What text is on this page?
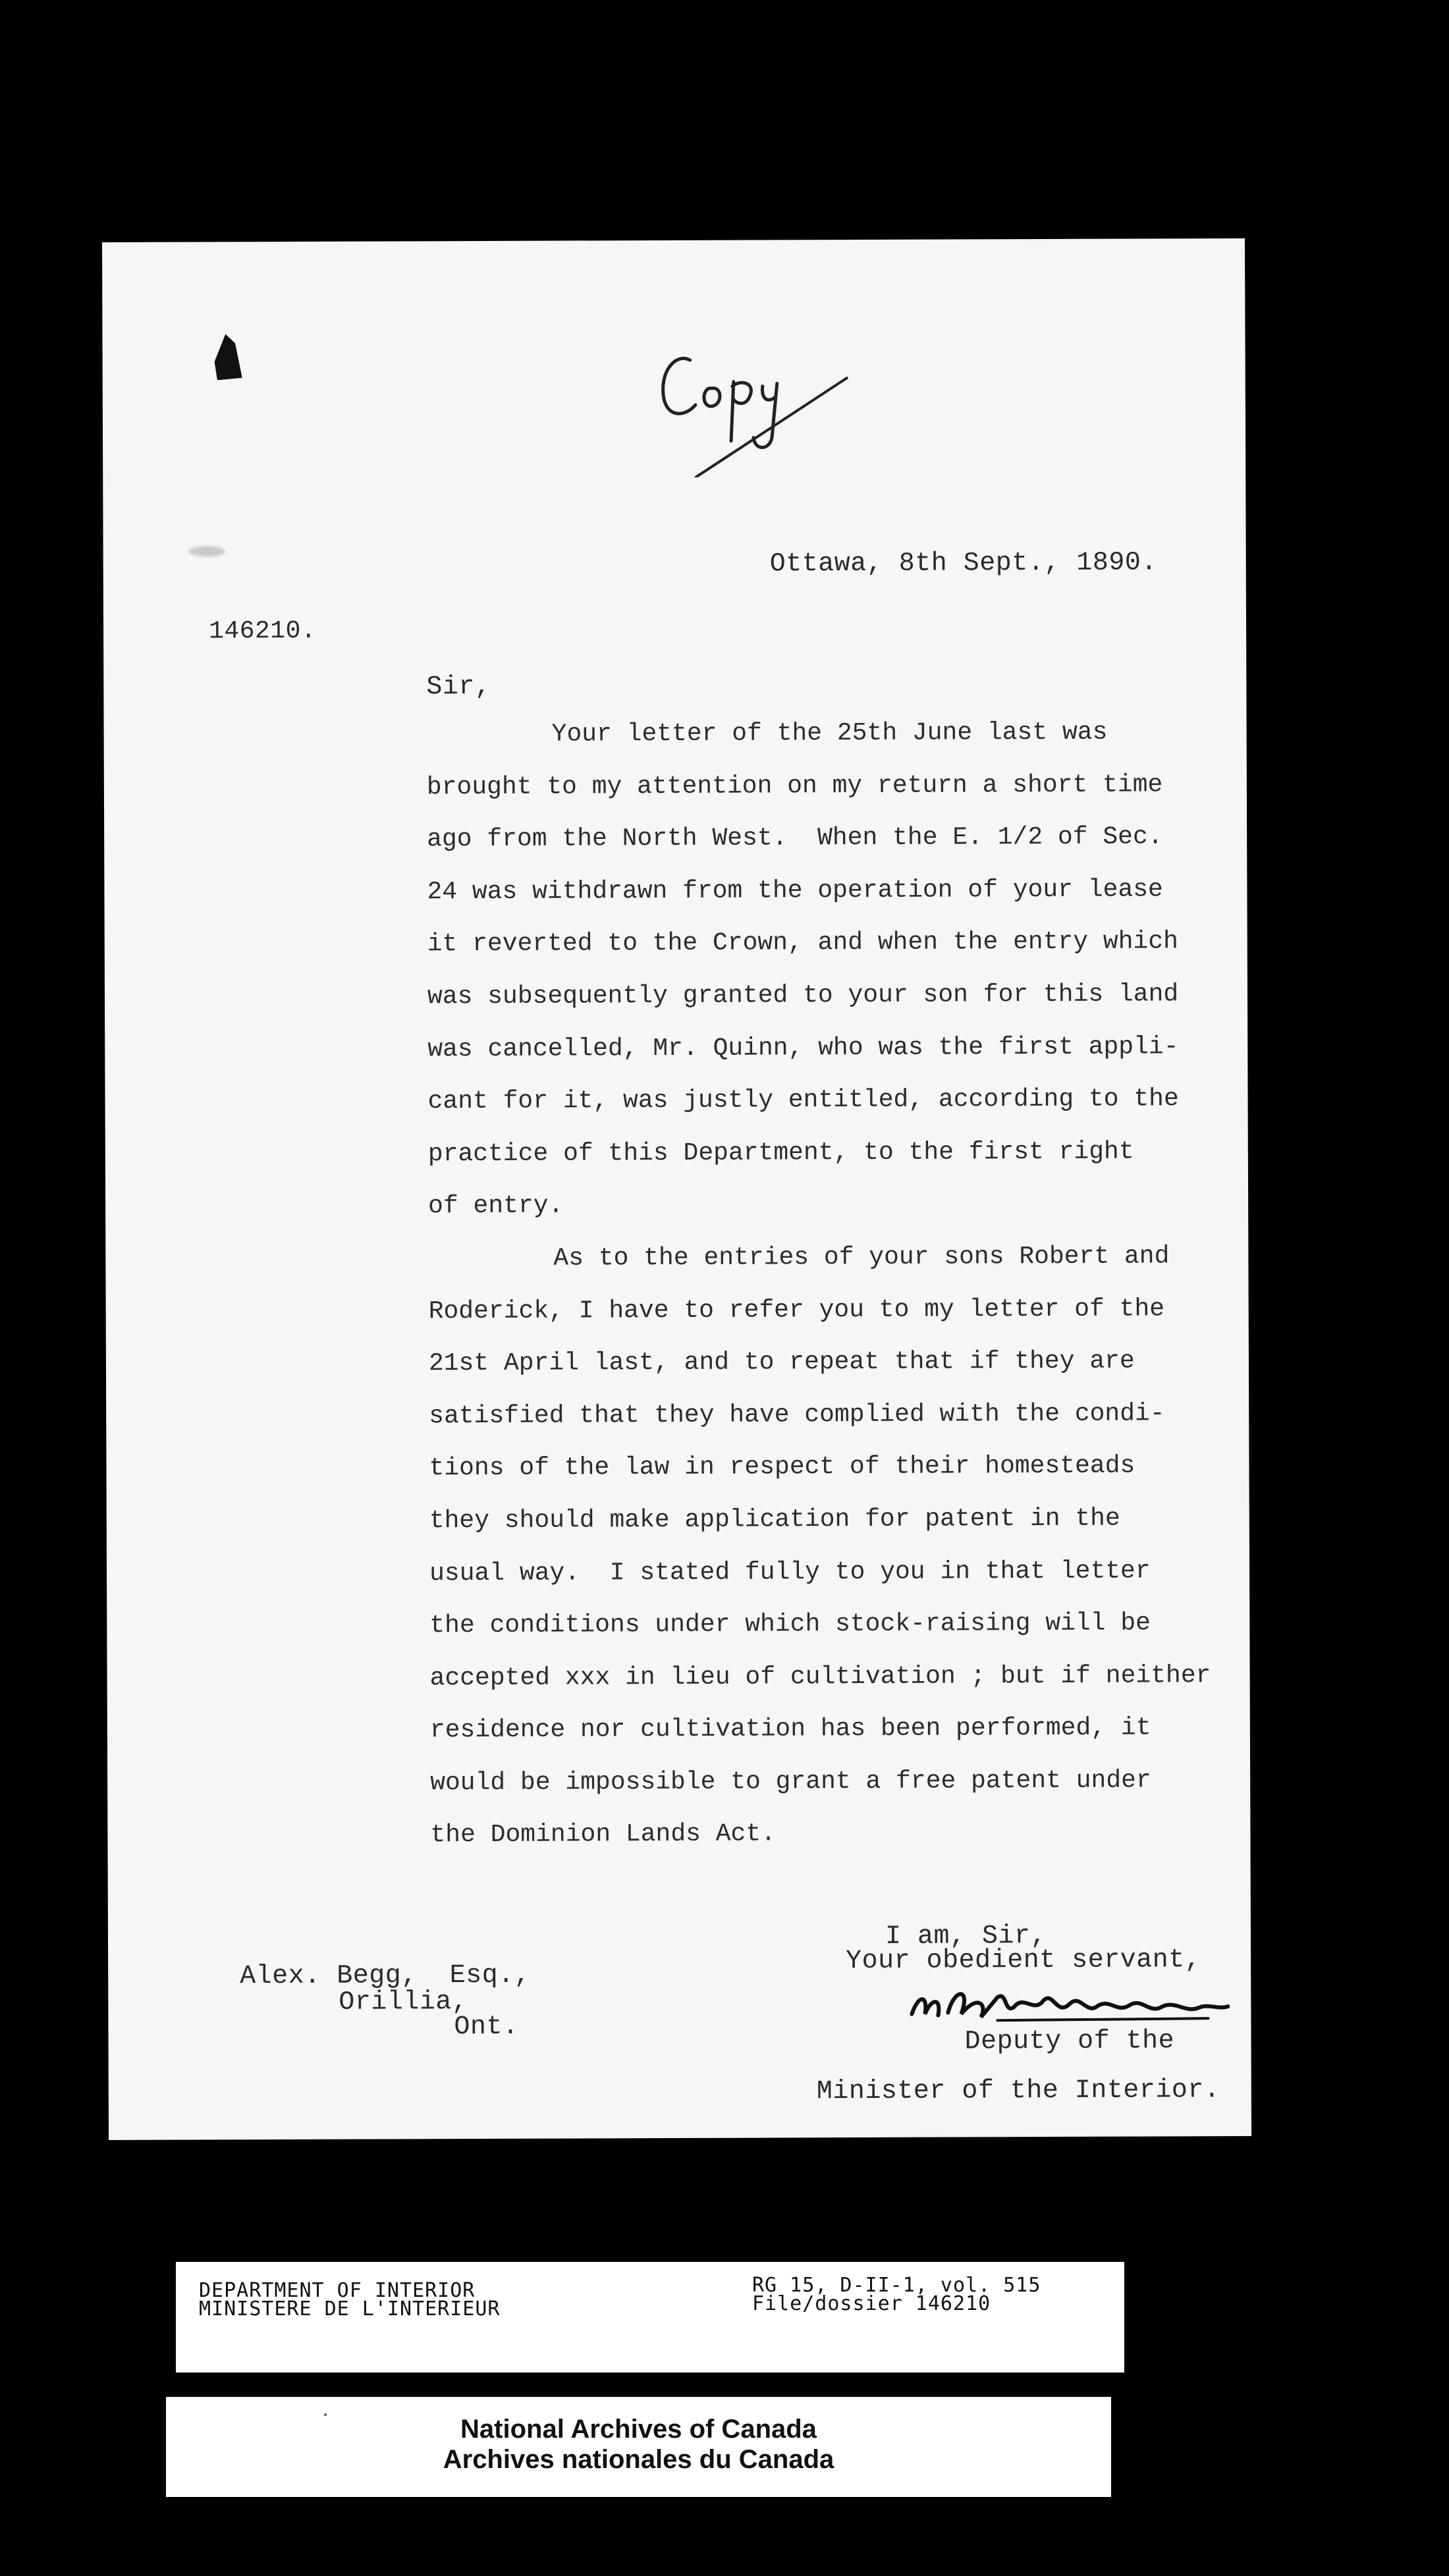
Ottawa, 8th Sept., 1890.
146210.
Sir,
Your letter of the 25th June last was
brought to my attention on my return a short time
ago from the North West.  When the E. 1/2 of Sec.
24 was withdrawn from the operation of your lease
it reverted to the Crown, and when the entry which
was subsequently granted to your son for this land
was cancelled, Mr. Quinn, who was the first appli-
cant for it, was justly entitled, according to the
practice of this Department, to the first right
of entry.
As to the entries of your sons Robert and
Roderick, I have to refer you to my letter of the
21st April last, and to repeat that if they are
satisfied that they have complied with the condi-
tions of the law in respect of their homesteads
they should make application for patent in the
usual way.  I stated fully to you in that letter
the conditions under which stock-raising will be
accepted xxx in lieu of cultivation ; but if neither
residence nor cultivation has been performed, it
would be impossible to grant a free patent under
the Dominion Lands Act.
I am, Sir,
Your obedient servant,
Alex. Begg,  Esq.,
Orillia,
Ont.	Deputy of the
Minister of the Interior.
DEPARTMENT OF INTERIOR
MINISTERE DE L'INTERIEUR
RG 15, D-II-1, vol. 515
File/dossier 146210
National Archives of Canada
Archives nationales du Canada
